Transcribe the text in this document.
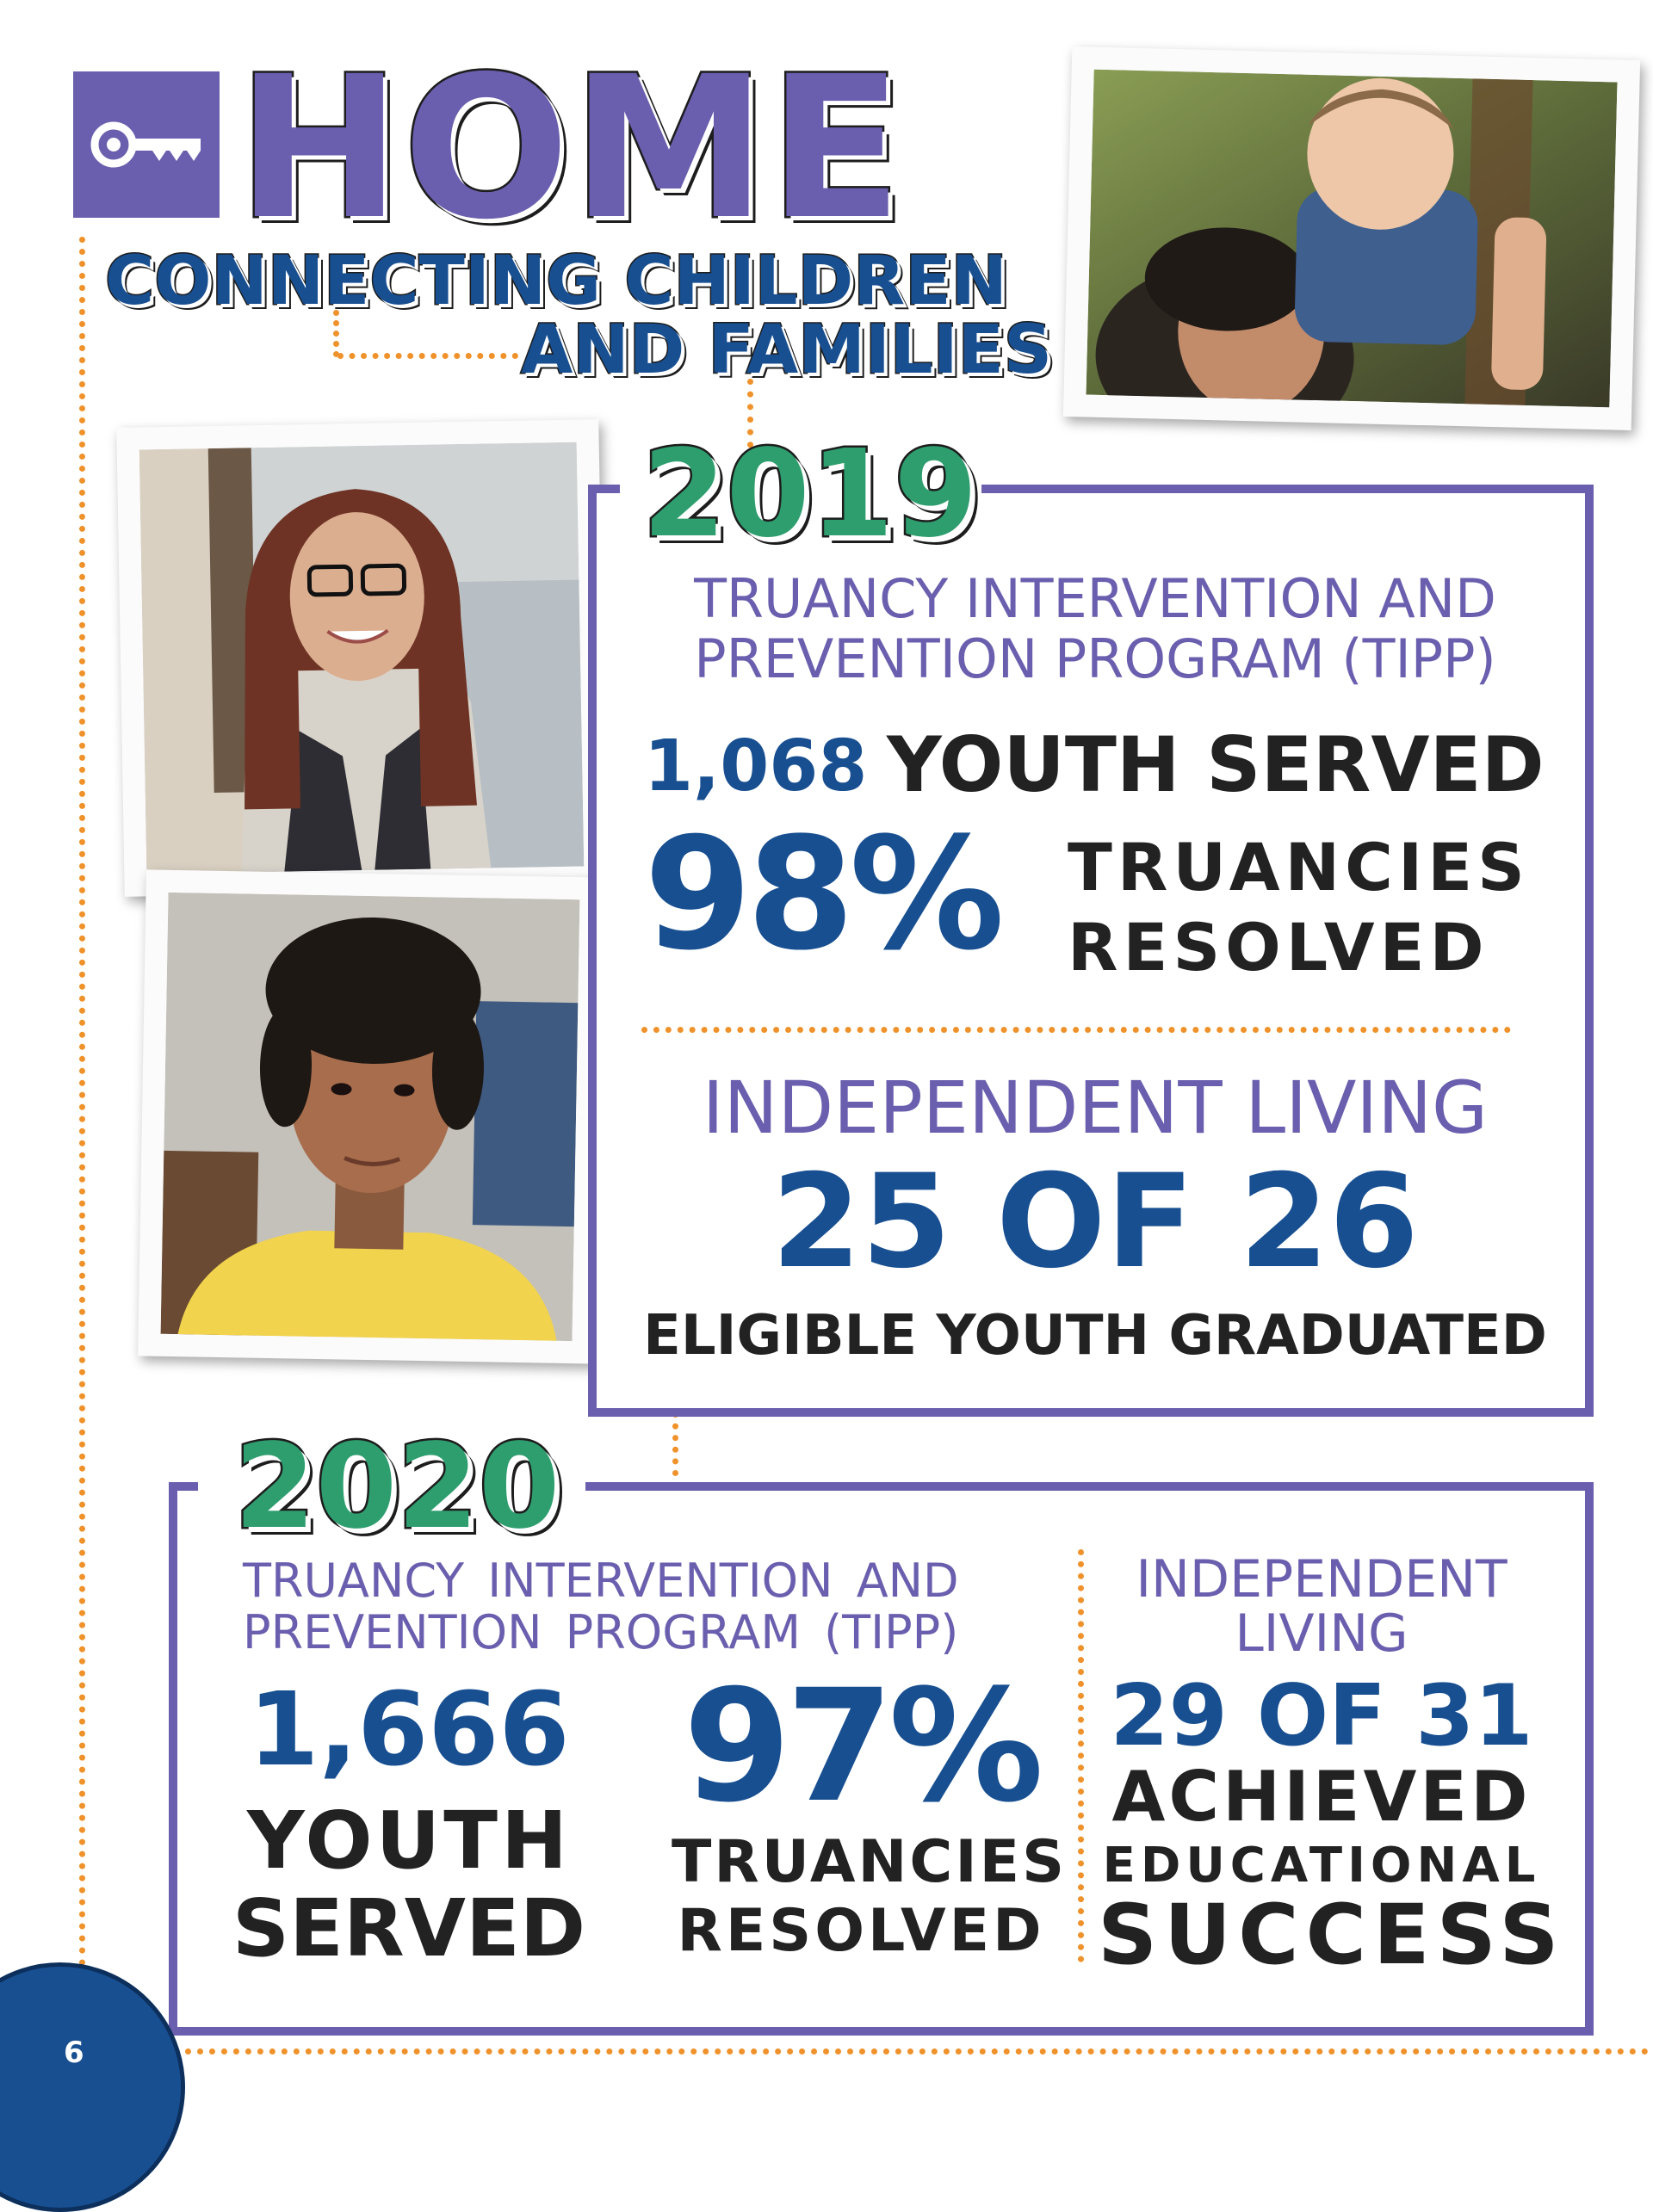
HOME
CONNECTING CHILDREN
AND FAMILIES
2019
TRUANCY INTERVENTION AND
PREVENTION PROGRAM (TIPP)
1,068 YOUTH SERVED
98% TRUANCIES
RESOLVED
INDEPENDENT LIVING
25 OF 26
ELIGIBLE YOUTH GRADUATED
2020
TRUANCY INTERVENTION AND
PREVENTION PROGRAM (TIPP)
1,666
YOUTH
SERVED
97%
TRUANCIES
RESOLVED
INDEPENDENT
LIVING
29 OF 31
ACHIEVED
EDUCATIONAL
SUCCESS
6
